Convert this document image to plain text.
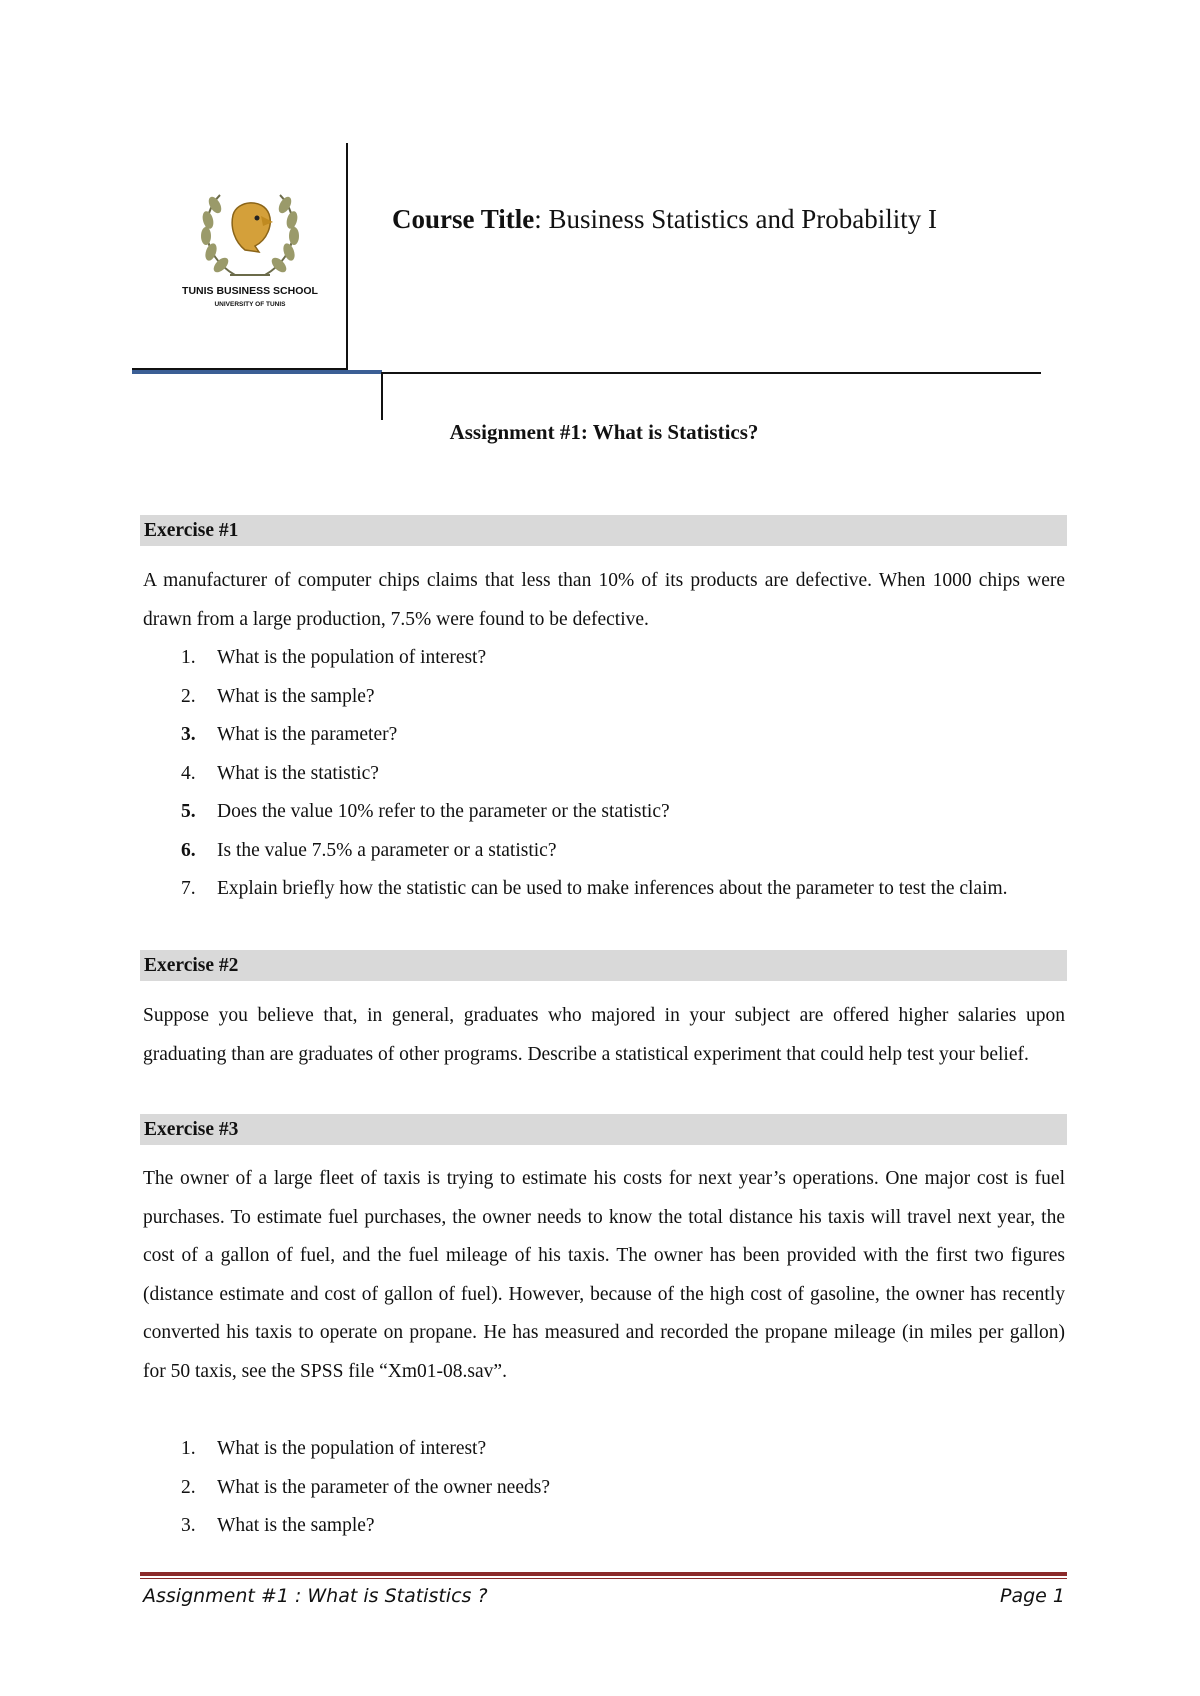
TUNIS BUSINESS SCHOOL
UNIVERSITY OF TUNIS
Course Title: Business Statistics and Probability I
Assignment #1: What is Statistics?
Exercise #1
A manufacturer of computer chips claims that less than 10% of its products are defective. When 1000 chips were drawn from a large production, 7.5% were found to be defective.
1. What is the population of interest?
2. What is the sample?
3. What is the parameter?
4. What is the statistic?
5. Does the value 10% refer to the parameter or the statistic?
6. Is the value 7.5% a parameter or a statistic?
7. Explain briefly how the statistic can be used to make inferences about the parameter to test the claim.
Exercise #2
Suppose you believe that, in general, graduates who majored in your subject are offered higher salaries upon graduating than are graduates of other programs. Describe a statistical experiment that could help test your belief.
Exercise #3
The owner of a large fleet of taxis is trying to estimate his costs for next year’s operations. One major cost is fuel purchases. To estimate fuel purchases, the owner needs to know the total distance his taxis will travel next year, the cost of a gallon of fuel, and the fuel mileage of his taxis. The owner has been provided with the first two figures (distance estimate and cost of gallon of fuel). However, because of the high cost of gasoline, the owner has recently converted his taxis to operate on propane. He has measured and recorded the propane mileage (in miles per gallon) for 50 taxis, see the SPSS file “Xm01-08.sav”.
1. What is the population of interest?
2. What is the parameter of the owner needs?
3. What is the sample?
Assignment #1 : What is Statistics ?	Page 1
